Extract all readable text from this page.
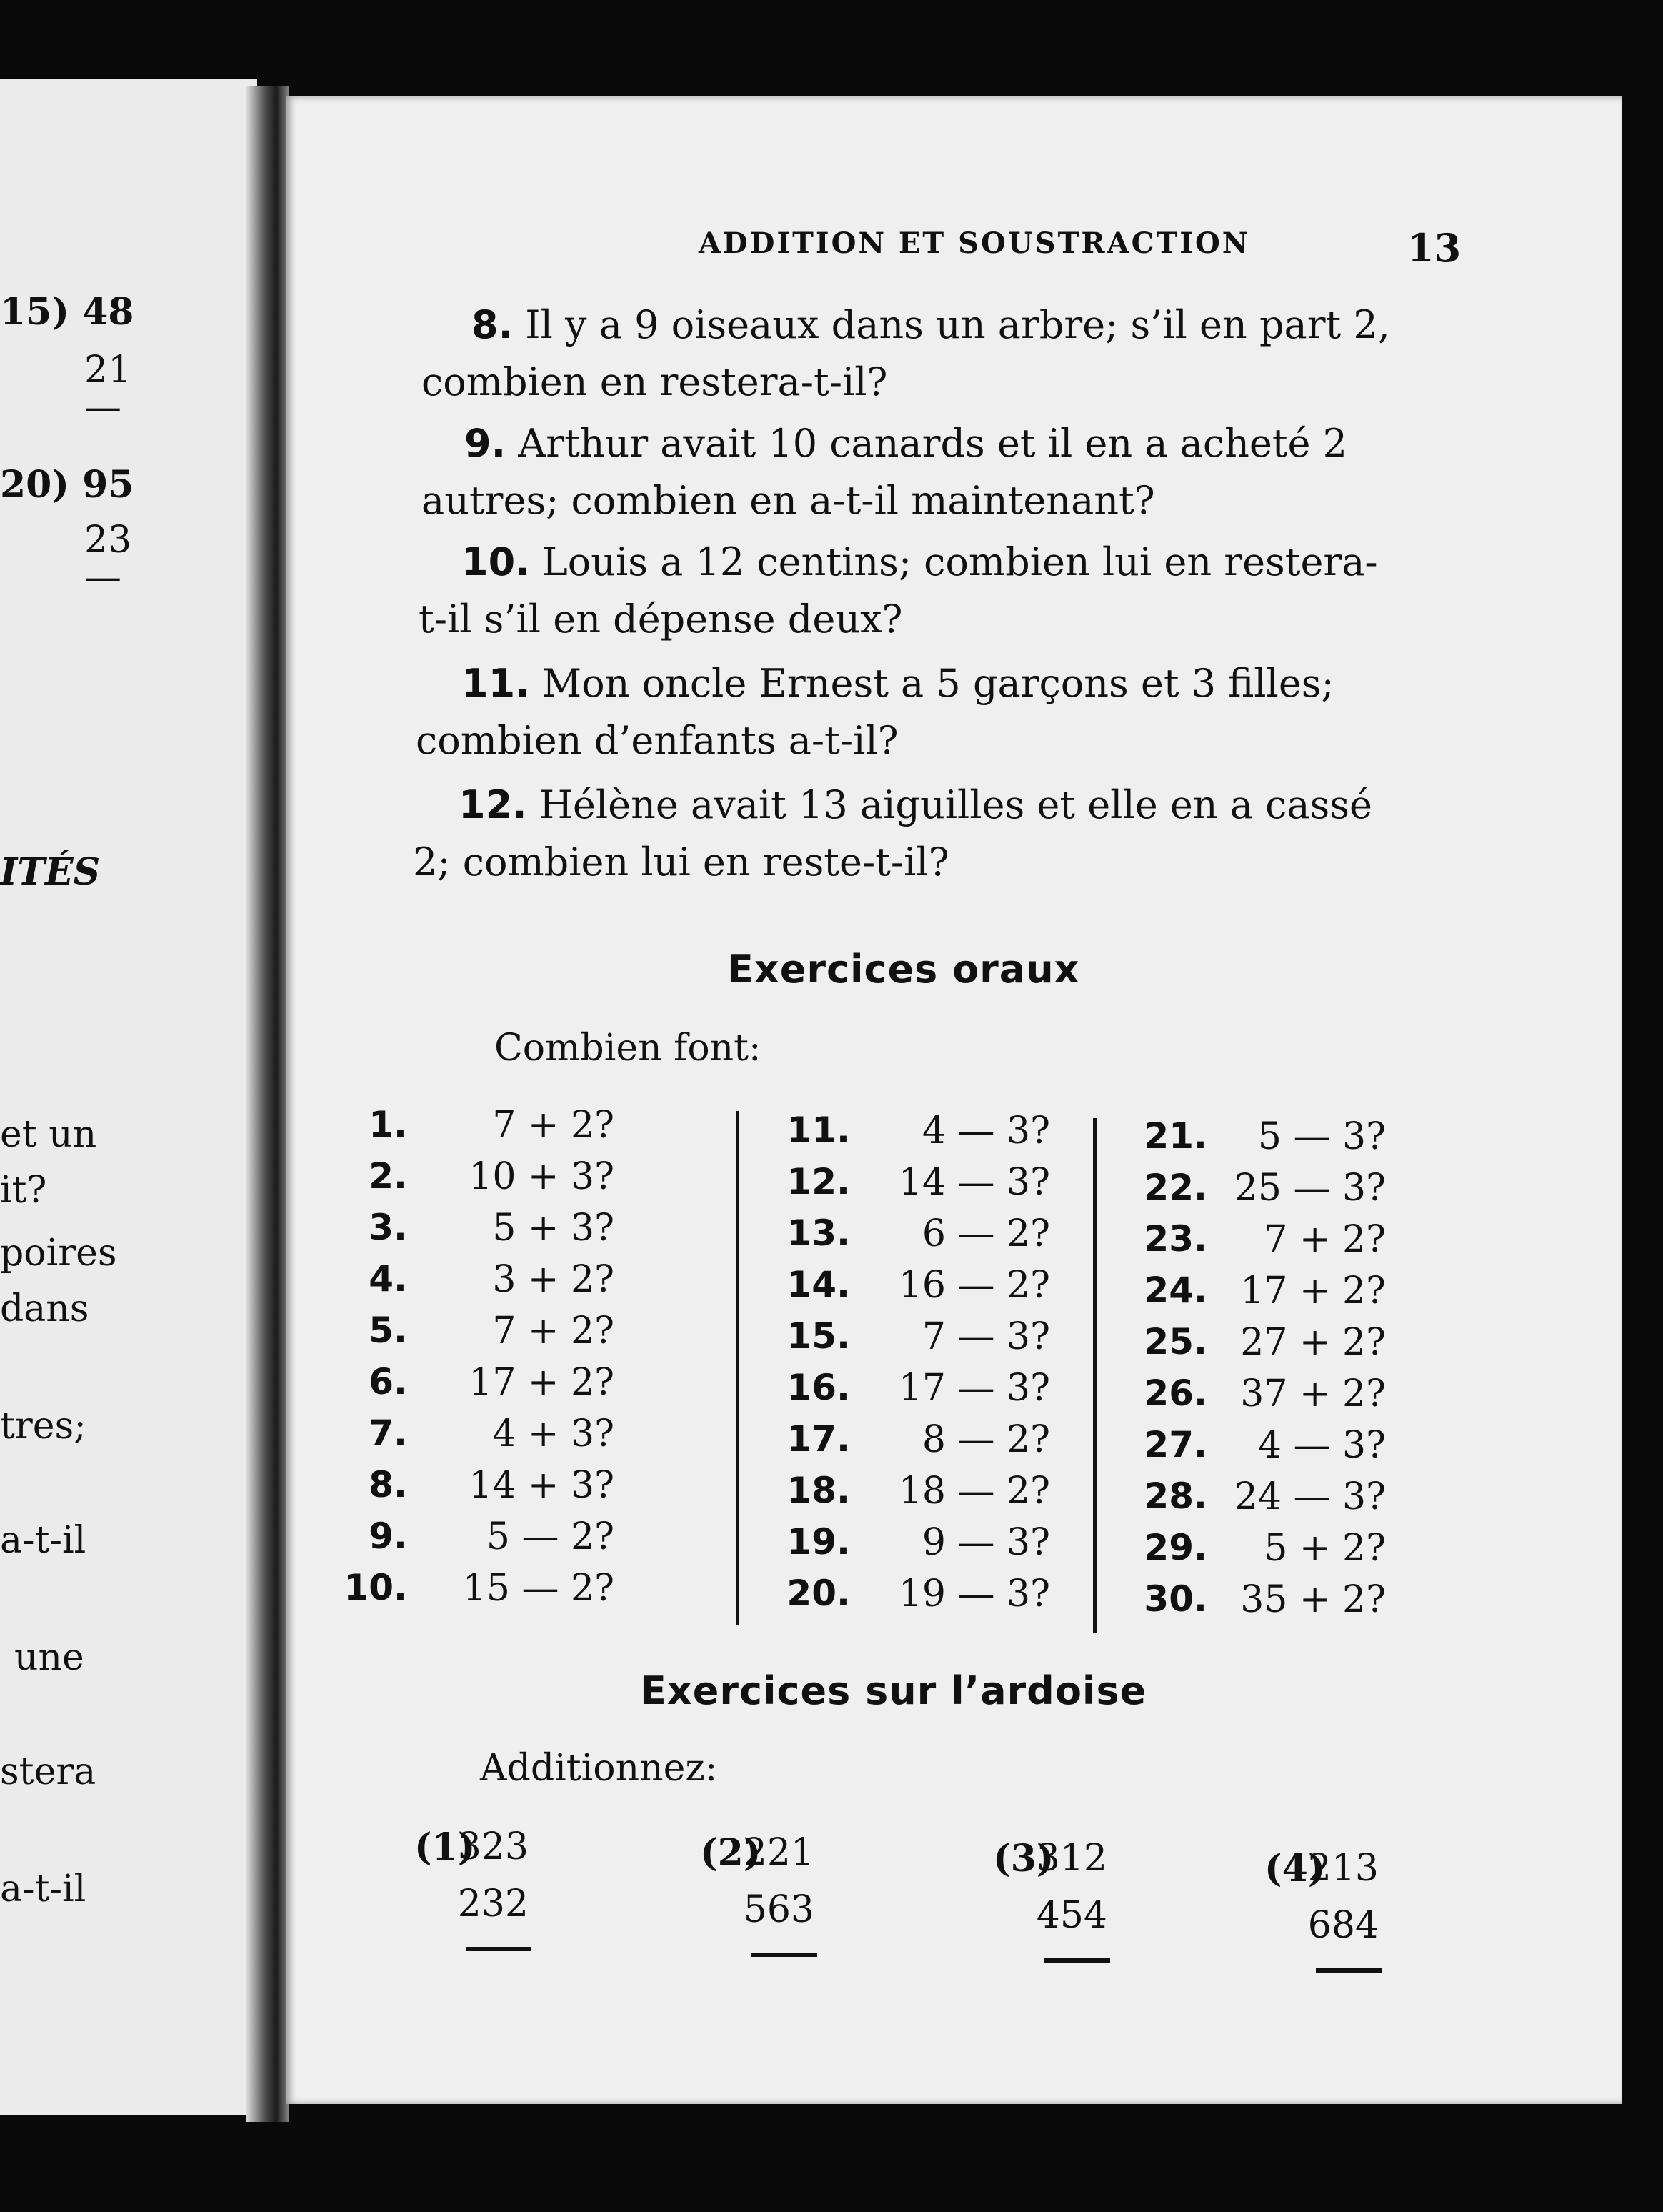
15) 48
21
—
20) 95
23
—
ITÉS
et un
it?
poires
dans
tres;
a-t-il
une
stera
a-t-il
ADDITION ET SOUSTRACTION	13
8. Il y a 9 oiseaux dans un arbre; s’il en part 2,
combien en restera-t-il?
9. Arthur avait 10 canards et il en a acheté 2
autres; combien en a-t-il maintenant?
10. Louis a 12 centins; combien lui en restera-
t-il s’il en dépense deux?
11. Mon oncle Ernest a 5 garçons et 3 filles;
combien d’enfants a-t-il?
12. Hélène avait 13 aiguilles et elle en a cassé
2; combien lui en reste-t-il?
Exercices oraux
Combien font:
1.	7 + 2?
2.	10 + 3?
3.	5 + 3?
4.	3 + 2?
5.	7 + 2?
6.	17 + 2?
7.	4 + 3?
8.	14 + 3?
9.	5 — 2?
10.	15 — 2?
11.	4 — 3?
12.	14 — 3?
13.	6 — 2?
14.	16 — 2?
15.	7 — 3?
16.	17 — 3?
17.	8 — 2?
18.	18 — 2?
19.	9 — 3?
20.	19 — 3?
21.	5 — 3?
22. 25 — 3?
23.	7 + 2?
24. 17 + 2?
25. 27 + 2?
26. 37 + 2?
27.	4 — 3?
28. 24 — 3?
29.	5 + 2?
30. 35 + 2?
Exercices sur l’ardoise
Additionnez:
(1)
323
232
(2)
221
563
(3)
312
454
(4)
213
684
